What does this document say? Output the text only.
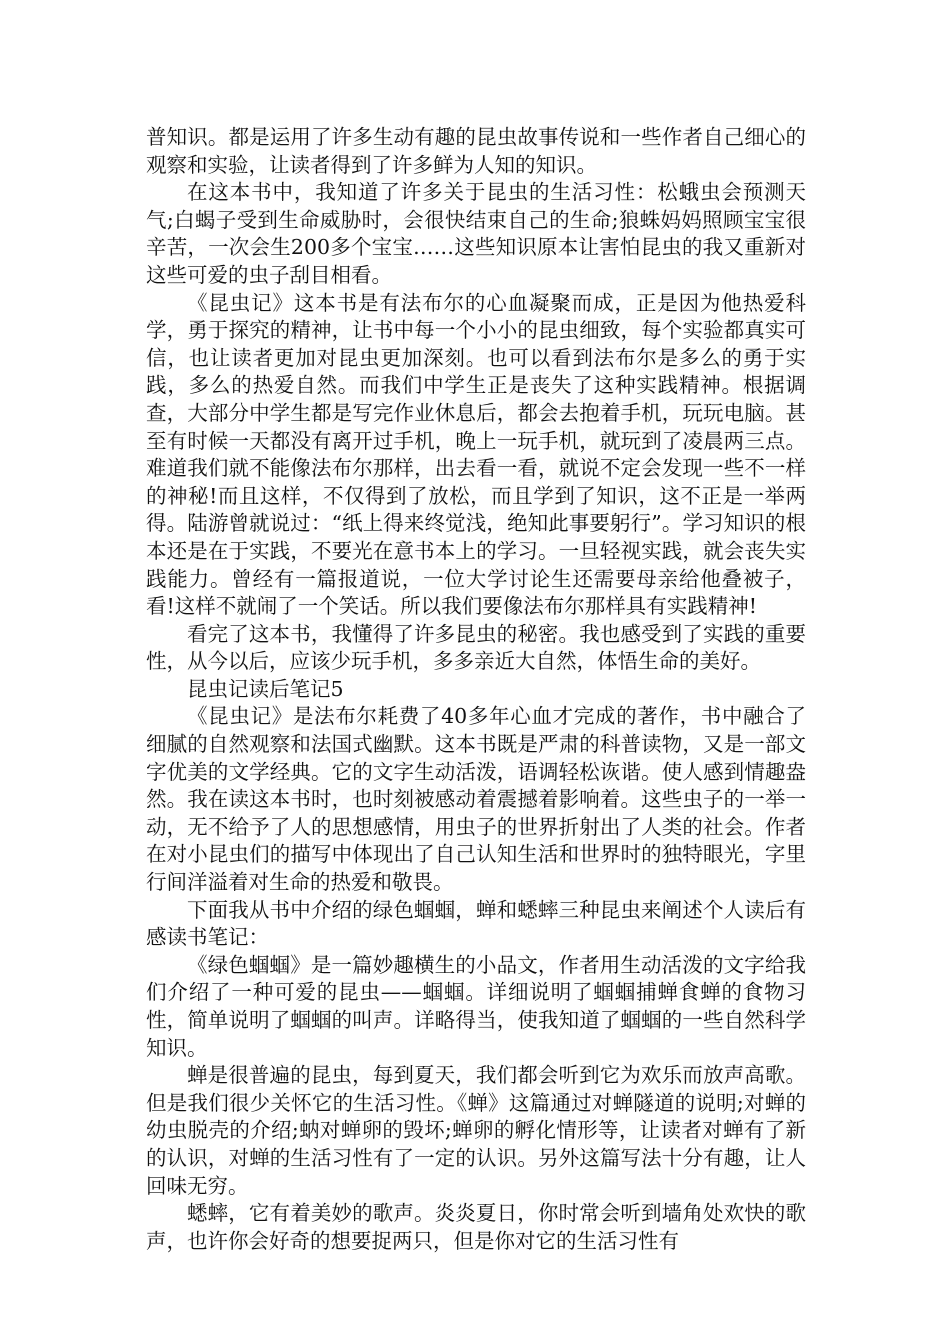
普知识。都是运用了许多生动有趣的昆虫故事传说和一些作者自己细心的观察和实验，让读者得到了许多鲜为人知的知识。

在这本书中，我知道了许多关于昆虫的生活习性：松蛾虫会预测天气;白蝎子受到生命威胁时，会很快结束自己的生命;狼蛛妈妈照顾宝宝很辛苦，一次会生200多个宝宝……这些知识原本让害怕昆虫的我又重新对这些可爱的虫子刮目相看。

《昆虫记》这本书是有法布尔的心血凝聚而成，正是因为他热爱科学，勇于探究的精神，让书中每一个小小的昆虫细致，每个实验都真实可信，也让读者更加对昆虫更加深刻。也可以看到法布尔是多么的勇于实践，多么的热爱自然。而我们中学生正是丧失了这种实践精神。根据调查，大部分中学生都是写完作业休息后，都会去抱着手机，玩玩电脑。甚至有时候一天都没有离开过手机，晚上一玩手机，就玩到了凌晨两三点。难道我们就不能像法布尔那样，出去看一看，就说不定会发现一些不一样的神秘!而且这样，不仅得到了放松，而且学到了知识，这不正是一举两得。陆游曾就说过：“纸上得来终觉浅，绝知此事要躬行”。学习知识的根本还是在于实践，不要光在意书本上的学习。一旦轻视实践，就会丧失实践能力。曾经有一篇报道说，一位大学讨论生还需要母亲给他叠被子，看!这样不就闹了一个笑话。所以我们要像法布尔那样具有实践精神!

看完了这本书，我懂得了许多昆虫的秘密。我也感受到了实践的重要性，从今以后，应该少玩手机，多多亲近大自然，体悟生命的美好。

昆虫记读后笔记5

《昆虫记》是法布尔耗费了40多年心血才完成的著作，书中融合了细腻的自然观察和法国式幽默。这本书既是严肃的科普读物，又是一部文字优美的文学经典。它的文字生动活泼，语调轻松诙谐。使人感到情趣盎然。我在读这本书时，也时刻被感动着震撼着影响着。这些虫子的一举一动，无不给予了人的思想感情，用虫子的世界折射出了人类的社会。作者在对小昆虫们的描写中体现出了自己认知生活和世界时的独特眼光，字里行间洋溢着对生命的热爱和敬畏。

下面我从书中介绍的绿色蝈蝈，蝉和蟋蟀三种昆虫来阐述个人读后有感读书笔记：

《绿色蝈蝈》是一篇妙趣横生的小品文，作者用生动活泼的文字给我们介绍了一种可爱的昆虫——蝈蝈。详细说明了蝈蝈捕蝉食蝉的食物习性，简单说明了蝈蝈的叫声。详略得当，使我知道了蝈蝈的一些自然科学知识。

蝉是很普遍的昆虫，每到夏天，我们都会听到它为欢乐而放声高歌。但是我们很少关怀它的生活习性。《蝉》这篇通过对蝉隧道的说明;对蝉的幼虫脱壳的介绍;蚋对蝉卵的毁坏;蝉卵的孵化情形等，让读者对蝉有了新的认识，对蝉的生活习性有了一定的认识。另外这篇写法十分有趣，让人回味无穷。

蟋蟀，它有着美妙的歌声。炎炎夏日，你时常会听到墙角处欢快的歌声，也许你会好奇的想要捉两只，但是你对它的生活习性有
